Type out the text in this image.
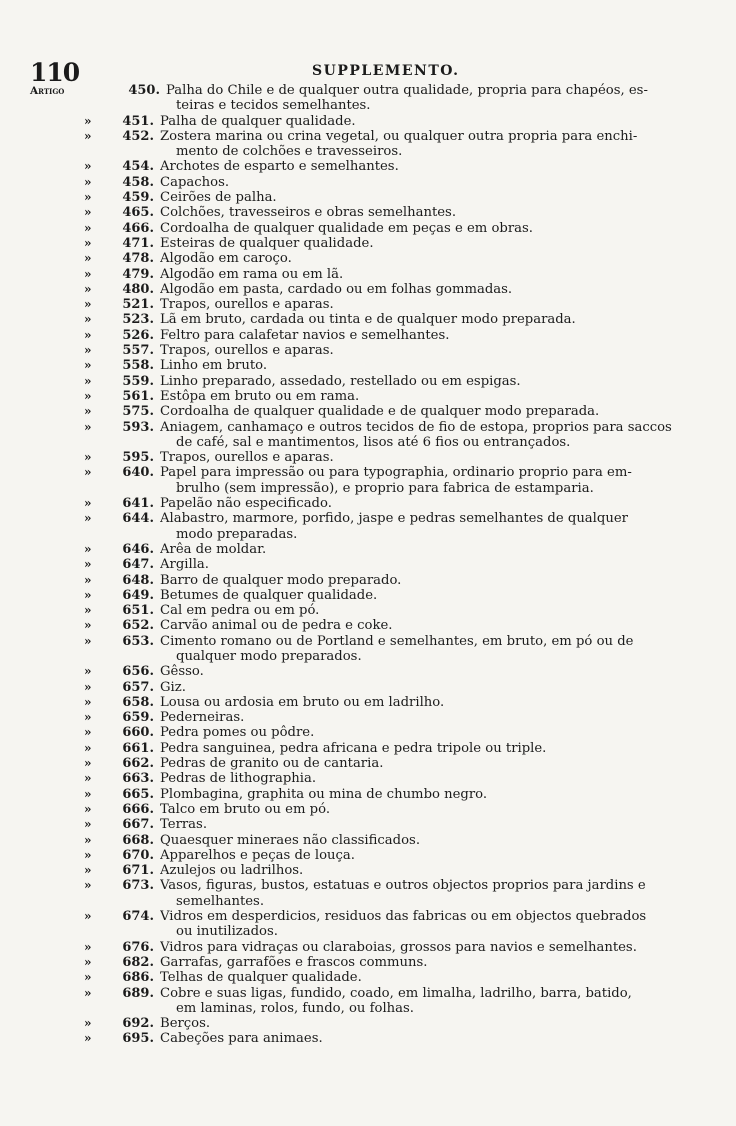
110	SUPPLEMENTO.
Artigo	450. Palha do Chile e de qualquer outra qualidade, propria para chapéos, es-
teiras e tecidos semelhantes.
»	451. Palha de qualquer qualidade.
»	452. Zostera marina ou crina vegetal, ou qualquer outra propria para enchi-
mento de colchões e travesseiros.
»	454. Archotes de esparto e semelhantes.
»	458. Capachos.
»	459. Ceirões de palha.
»	465. Colchões, travesseiros e obras semelhantes.
»	466. Cordoalha de qualquer qualidade em peças e em obras.
»	471. Esteiras de qualquer qualidade.
»	478. Algodão em caroço.
»	479. Algodão em rama ou em lã.
»	480. Algodão em pasta, cardado ou em folhas gommadas.
»	521. Trapos, ourellos e aparas.
»	523. Lã em bruto, cardada ou tinta e de qualquer modo preparada.
»	526. Feltro para calafetar navios e semelhantes.
»	557. Trapos, ourellos e aparas.
»	558. Linho em bruto.
»	559. Linho preparado, assedado, restellado ou em espigas.
»	561. Estôpa em bruto ou em rama.
»	575. Cordoalha de qualquer qualidade e de qualquer modo preparada.
»	593. Aniagem, canhamaço e outros tecidos de fio de estopa, proprios para saccos
de café, sal e mantimentos, lisos até 6 fios ou entrançados.
»	595. Trapos, ourellos e aparas.
»	640. Papel para impressão ou para typographia, ordinario proprio para em-
brulho (sem impressão), e proprio para fabrica de estamparia.
»	641. Papelão não especificado.
»	644. Alabastro, marmore, porfido, jaspe e pedras semelhantes de qualquer
modo preparadas.
»	646. Arêa de moldar.
»	647. Argilla.
»	648. Barro de qualquer modo preparado.
»	649. Betumes de qualquer qualidade.
»	651. Cal em pedra ou em pó.
»	652. Carvão animal ou de pedra e coke.
»	653. Cimento romano ou de Portland e semelhantes, em bruto, em pó ou de
qualquer modo preparados.
»	656. Gêsso.
»	657. Giz.
»	658. Lousa ou ardosia em bruto ou em ladrilho.
»	659. Pederneiras.
»	660. Pedra pomes ou pôdre.
»	661. Pedra sanguinea, pedra africana e pedra tripole ou triple.
»	662. Pedras de granito ou de cantaria.
»	663. Pedras de lithographia.
»	665. Plombagina, graphita ou mina de chumbo negro.
»	666. Talco em bruto ou em pó.
»	667. Terras.
»	668. Quaesquer mineraes não classificados.
»	670. Apparelhos e peças de louça.
»	671. Azulejos ou ladrilhos.
»	673. Vasos, figuras, bustos, estatuas e outros objectos proprios para jardins e
semelhantes.
»	674. Vidros em desperdicios, residuos das fabricas ou em objectos quebrados
ou inutilizados.
»	676. Vidros para vidraças ou claraboias, grossos para navios e semelhantes.
»	682. Garrafas, garrafões e frascos communs.
»	686. Telhas de qualquer qualidade.
»	689. Cobre e suas ligas, fundido, coado, em limalha, ladrilho, barra, batido,
em laminas, rolos, fundo, ou folhas.
»	692. Berços.
»	695. Cabeções para animaes.
